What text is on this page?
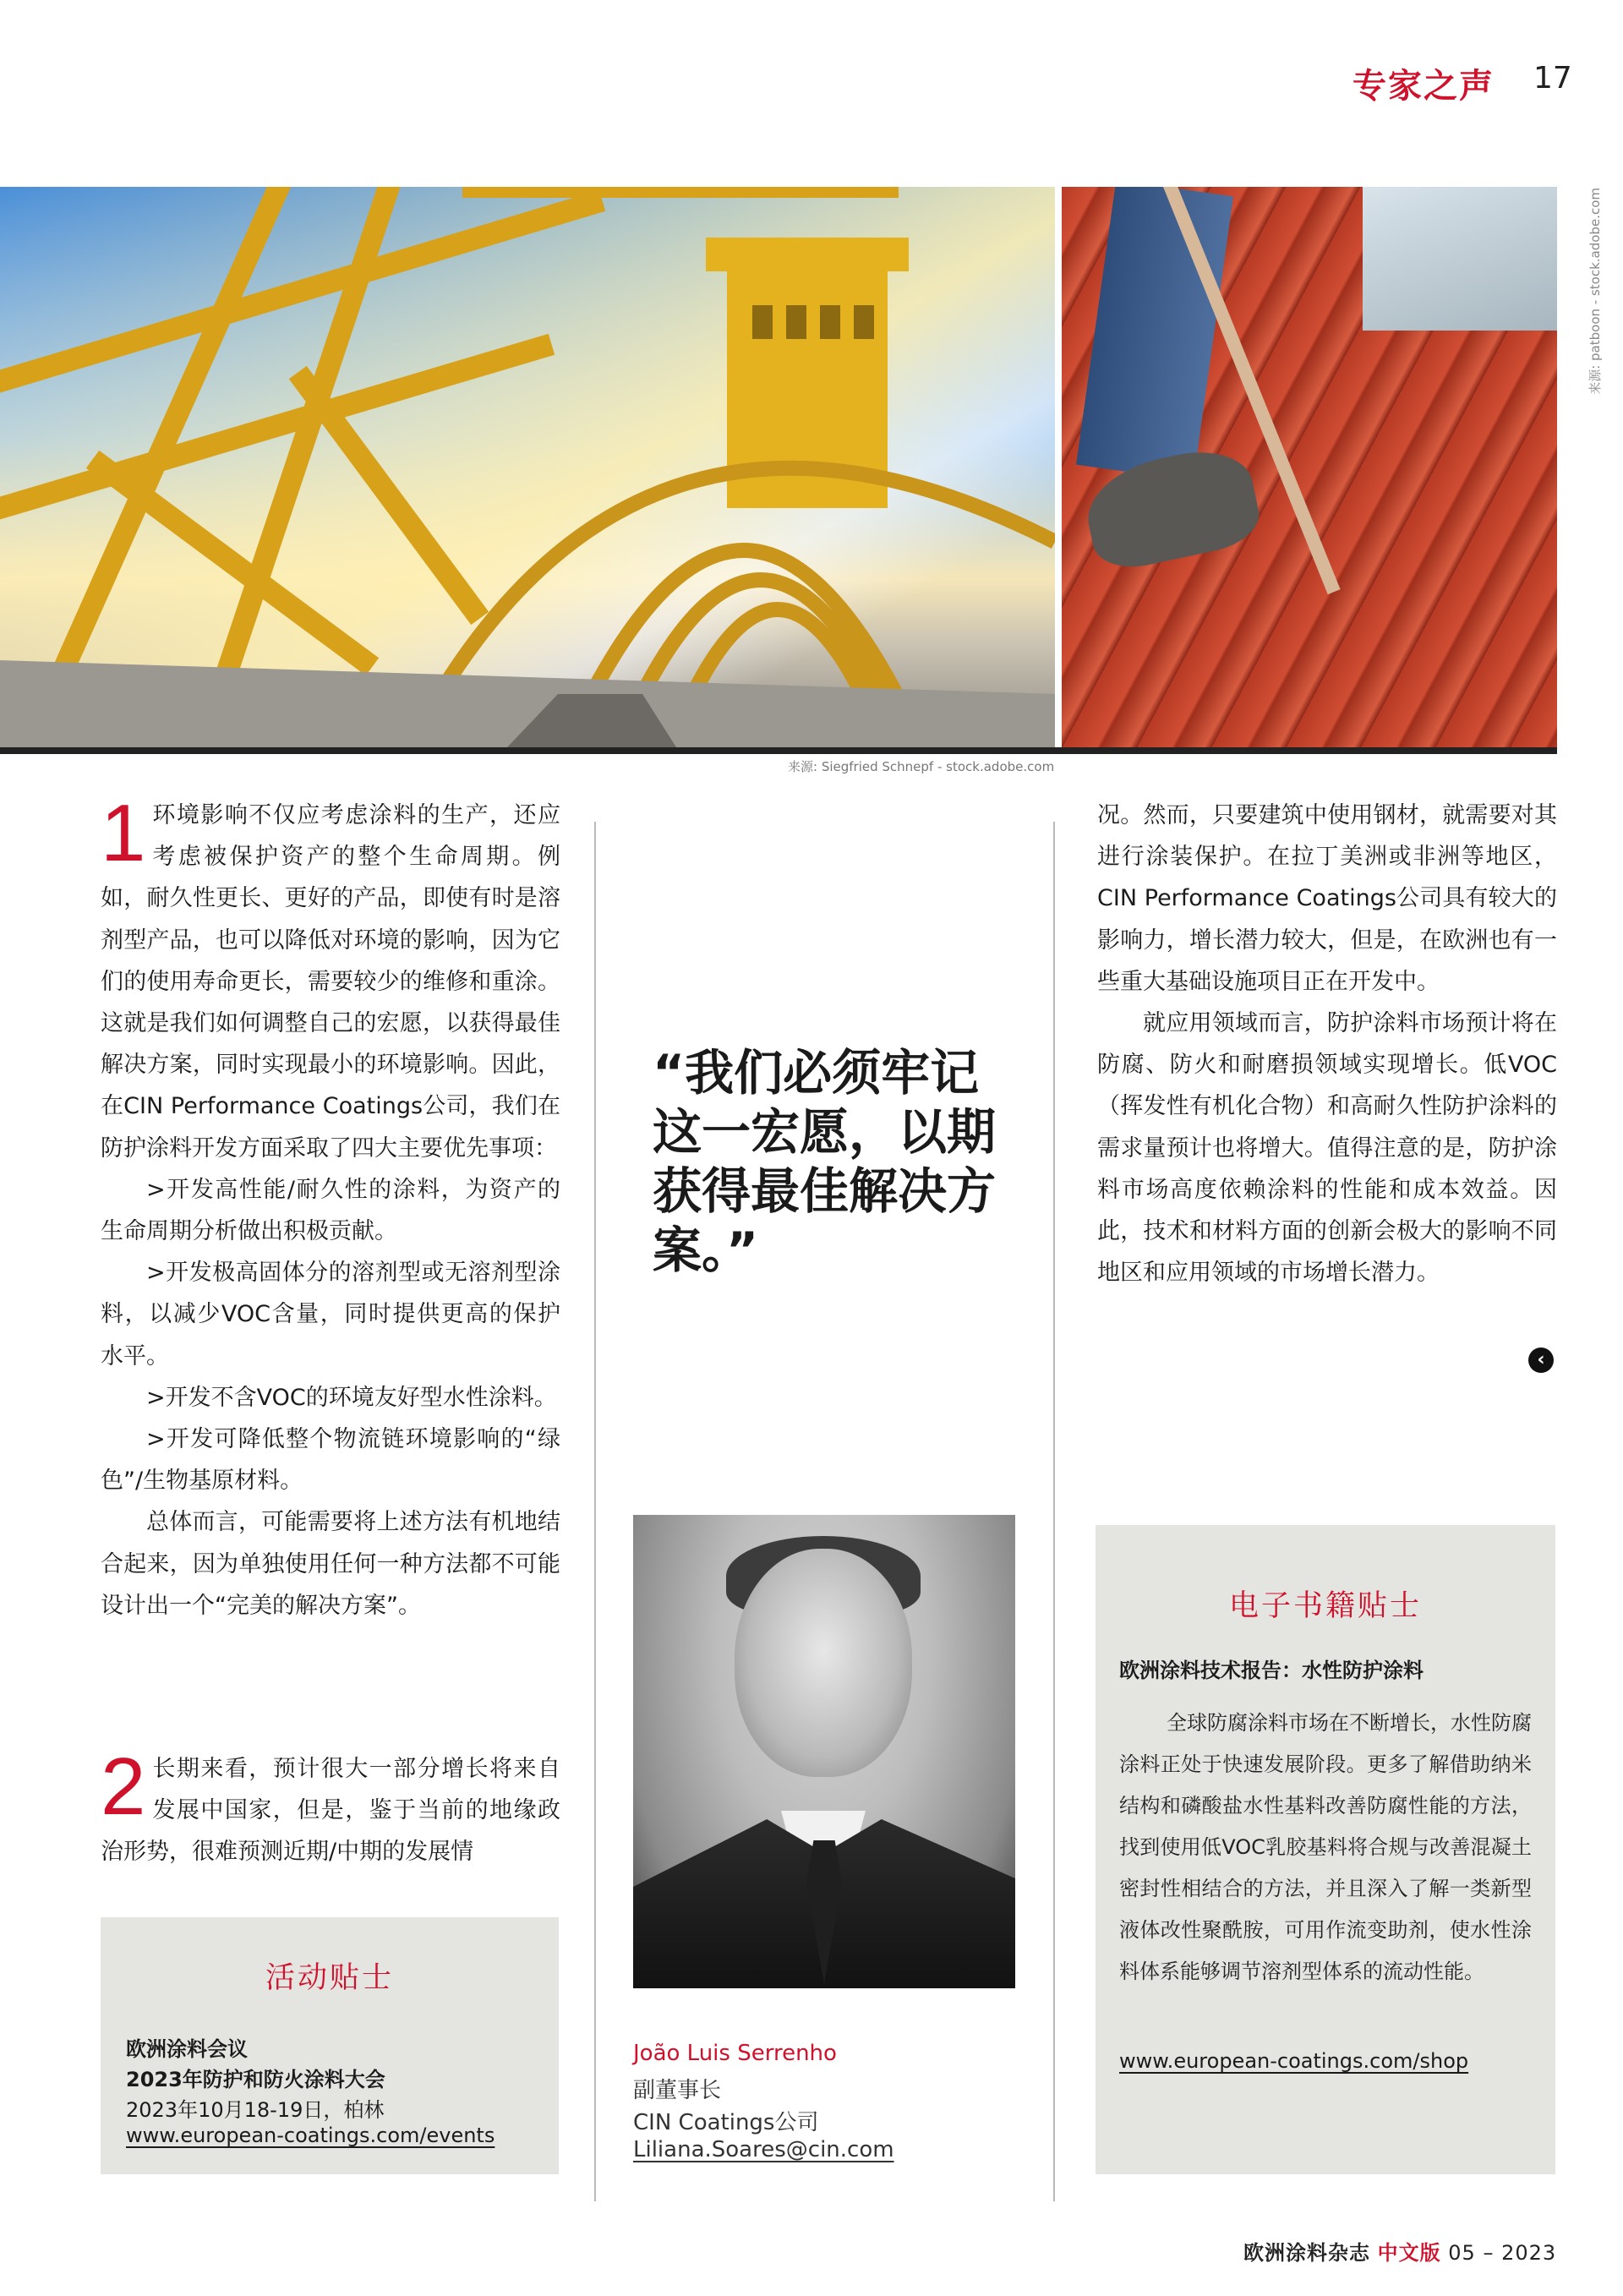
专家之声 17
来源: Siegfried Schnepf - stock.adobe.com
来源: patboon - stock.adobe.com

1 环境影响不仅应考虑涂料的生产，还应考虑被保护资产的整个生命周期。例如，耐久性更长、更好的产品，即使有时是溶剂型产品，也可以降低对环境的影响，因为它们的使用寿命更长，需要较少的维修和重涂。这就是我们如何调整自己的宏愿，以获得最佳解决方案，同时实现最小的环境影响。因此，在CIN Performance Coatings公司，我们在防护涂料开发方面采取了四大主要优先事项：

>开发高性能/耐久性的涂料，为资产的生命周期分析做出积极贡献。

>开发极高固体分的溶剂型或无溶剂型涂料，以减少VOC含量，同时提供更高的保护水平。

>开发不含VOC的环境友好型水性涂料。

>开发可降低整个物流链环境影响的“绿色”/生物基原材料。

总体而言，可能需要将上述方法有机地结合起来，因为单独使用任何一种方法都不可能设计出一个“完美的解决方案”。

2 长期来看，预计很大一部分增长将来自发展中国家，但是，鉴于当前的地缘政治形势，很难预测近期/中期的发展情

“我们必须牢记这一宏愿，以期获得最佳解决方案。”
João Luis Serrenho
副董事长
CIN Coatings公司
Liliana.Soares@cin.com

况。然而，只要建筑中使用钢材，就需要对其进行涂装保护。在拉丁美洲或非洲等地区，CIN Performance Coatings公司具有较大的影响力，增长潜力较大，但是，在欧洲也有一些重大基础设施项目正在开发中。

就应用领域而言，防护涂料市场预计将在防腐、防火和耐磨损领域实现增长。低VOC（挥发性有机化合物）和高耐久性防护涂料的需求量预计也将增大。值得注意的是，防护涂料市场高度依赖涂料的性能和成本效益。因此，技术和材料方面的创新会极大的影响不同地区和应用领域的市场增长潜力。

‹
活动贴士
欧洲涂料会议
2023年防护和防火涂料大会
2023年10月18-19日，柏林
www.european-coatings.com/events
电子书籍贴士
欧洲涂料技术报告：水性防护涂料
全球防腐涂料市场在不断增长，水性防腐涂料正处于快速发展阶段。更多了解借助纳米结构和磷酸盐水性基料改善防腐性能的方法，找到使用低VOC乳胶基料将合规与改善混凝土密封性相结合的方法，并且深入了解一类新型液体改性聚酰胺，可用作流变助剂，使水性涂料体系能够调节溶剂型体系的流动性能。
www.european-coatings.com/shop
欧洲涂料杂志 中文版 05 – 2023
